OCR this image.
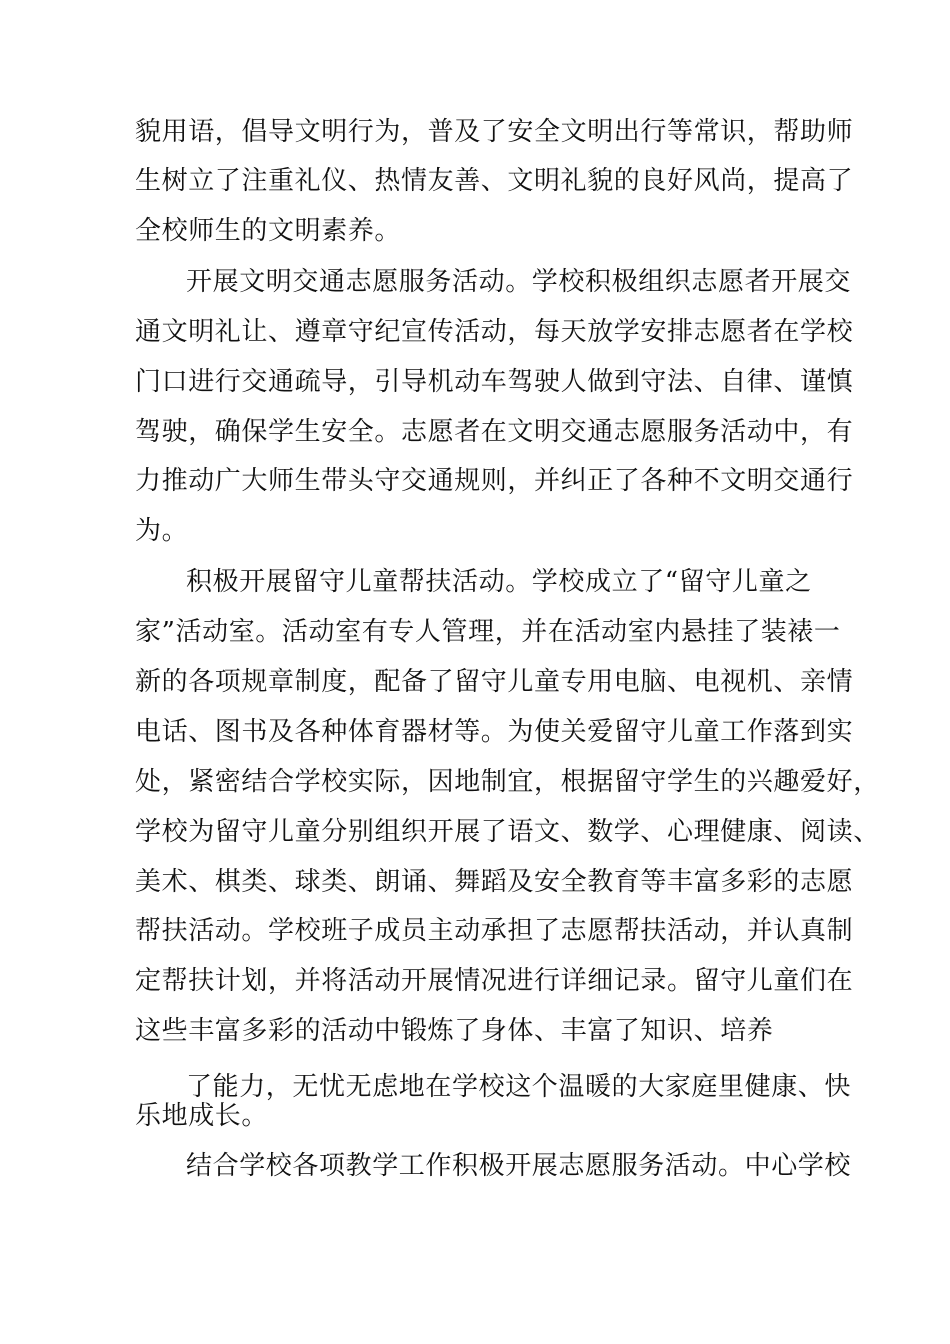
貌用语，倡导文明行为，普及了安全文明出行等常识，帮助师
生树立了注重礼仪、热情友善、文明礼貌的良好风尚，提高了
全校师生的文明素养。
开展文明交通志愿服务活动。学校积极组织志愿者开展交
通文明礼让、遵章守纪宣传活动，每天放学安排志愿者在学校
门口进行交通疏导，引导机动车驾驶人做到守法、自律、谨慎
驾驶，确保学生安全。志愿者在文明交通志愿服务活动中，有
力推动广大师生带头守交通规则，并纠正了各种不文明交通行
为。
积极开展留守儿童帮扶活动。学校成立了“留守儿童之
家”活动室。活动室有专人管理，并在活动室内悬挂了装裱一
新的各项规章制度，配备了留守儿童专用电脑、电视机、亲情
电话、图书及各种体育器材等。为使关爱留守儿童工作落到实
处，紧密结合学校实际，因地制宜，根据留守学生的兴趣爱好，
学校为留守儿童分别组织开展了语文、数学、心理健康、阅读、
美术、棋类、球类、朗诵、舞蹈及安全教育等丰富多彩的志愿
帮扶活动。学校班子成员主动承担了志愿帮扶活动，并认真制
定帮扶计划，并将活动开展情况进行详细记录。留守儿童们在
这些丰富多彩的活动中锻炼了身体、丰富了知识、培养
了能力，无忧无虑地在学校这个温暖的大家庭里健康、快
乐地成长。
结合学校各项教学工作积极开展志愿服务活动。中心学校
